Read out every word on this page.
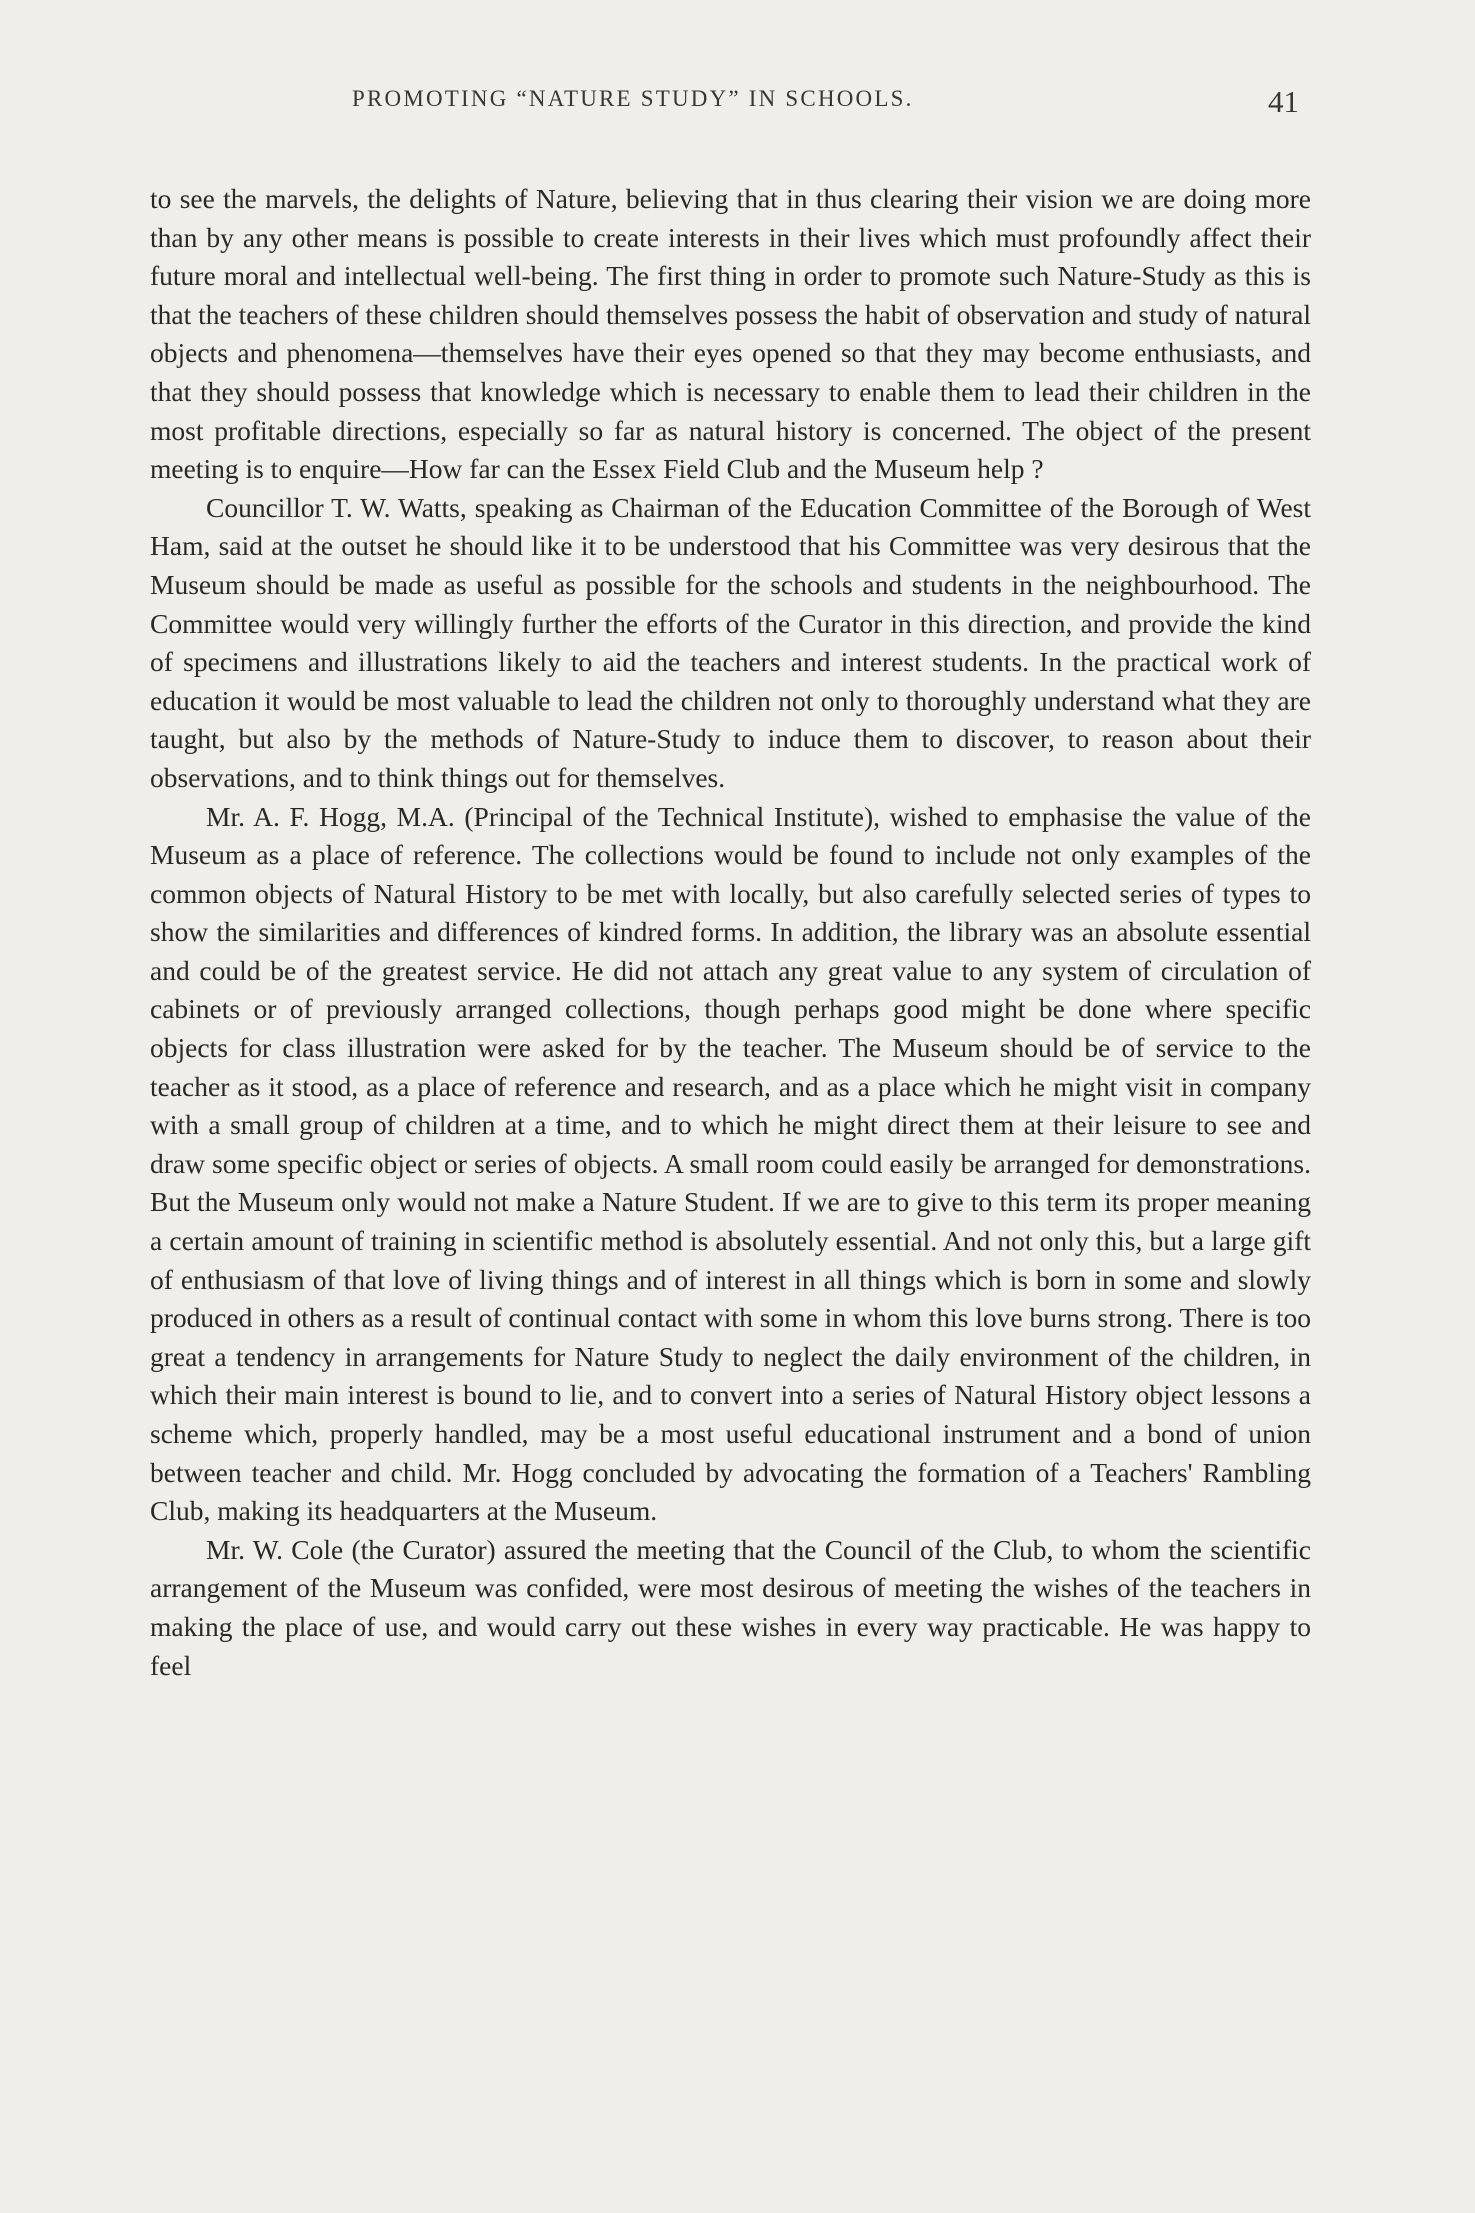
PROMOTING “NATURE STUDY” IN SCHOOLS.	41

to see the marvels, the delights of Nature, believing that in thus clearing their vision we are doing more than by any other means is possible to create interests in their lives which must profoundly affect their future moral and intellectual well-being. The first thing in order to promote such Nature-Study as this is that the teachers of these children should themselves possess the habit of observation and study of natural objects and phenomena—themselves have their eyes opened so that they may become enthusiasts, and that they should possess that knowledge which is necessary to enable them to lead their children in the most profitable directions, especially so far as natural history is concerned. The object of the present meeting is to enquire—How far can the Essex Field Club and the Museum help ?

Councillor T. W. Watts, speaking as Chairman of the Education Committee of the Borough of West Ham, said at the outset he should like it to be understood that his Committee was very desirous that the Museum should be made as useful as possible for the schools and students in the neighbourhood. The Committee would very willingly further the efforts of the Curator in this direction, and provide the kind of specimens and illustrations likely to aid the teachers and interest students. In the practical work of education it would be most valuable to lead the children not only to thoroughly understand what they are taught, but also by the methods of Nature-Study to induce them to discover, to reason about their observations, and to think things out for themselves.

Mr. A. F. Hogg, M.A. (Principal of the Technical Institute), wished to emphasise the value of the Museum as a place of reference. The collections would be found to include not only examples of the common objects of Natural History to be met with locally, but also carefully selected series of types to show the similarities and differences of kindred forms. In addition, the library was an absolute essential and could be of the greatest service. He did not attach any great value to any system of circulation of cabinets or of previously arranged collections, though perhaps good might be done where specific objects for class illustration were asked for by the teacher. The Museum should be of service to the teacher as it stood, as a place of reference and research, and as a place which he might visit in company with a small group of children at a time, and to which he might direct them at their leisure to see and draw some specific object or series of objects. A small room could easily be arranged for demonstrations. But the Museum only would not make a Nature Student. If we are to give to this term its proper meaning a certain amount of training in scientific method is absolutely essential. And not only this, but a large gift of enthusiasm of that love of living things and of interest in all things which is born in some and slowly produced in others as a result of continual contact with some in whom this love burns strong. There is too great a tendency in arrangements for Nature Study to neglect the daily environment of the children, in which their main interest is bound to lie, and to convert into a series of Natural History object lessons a scheme which, properly handled, may be a most useful educational instrument and a bond of union between teacher and child. Mr. Hogg concluded by advocating the formation of a Teachers' Rambling Club, making its headquarters at the Museum.

Mr. W. Cole (the Curator) assured the meeting that the Council of the Club, to whom the scientific arrangement of the Museum was confided, were most desirous of meeting the wishes of the teachers in making the place of use, and would carry out these wishes in every way practicable. He was happy to feel
